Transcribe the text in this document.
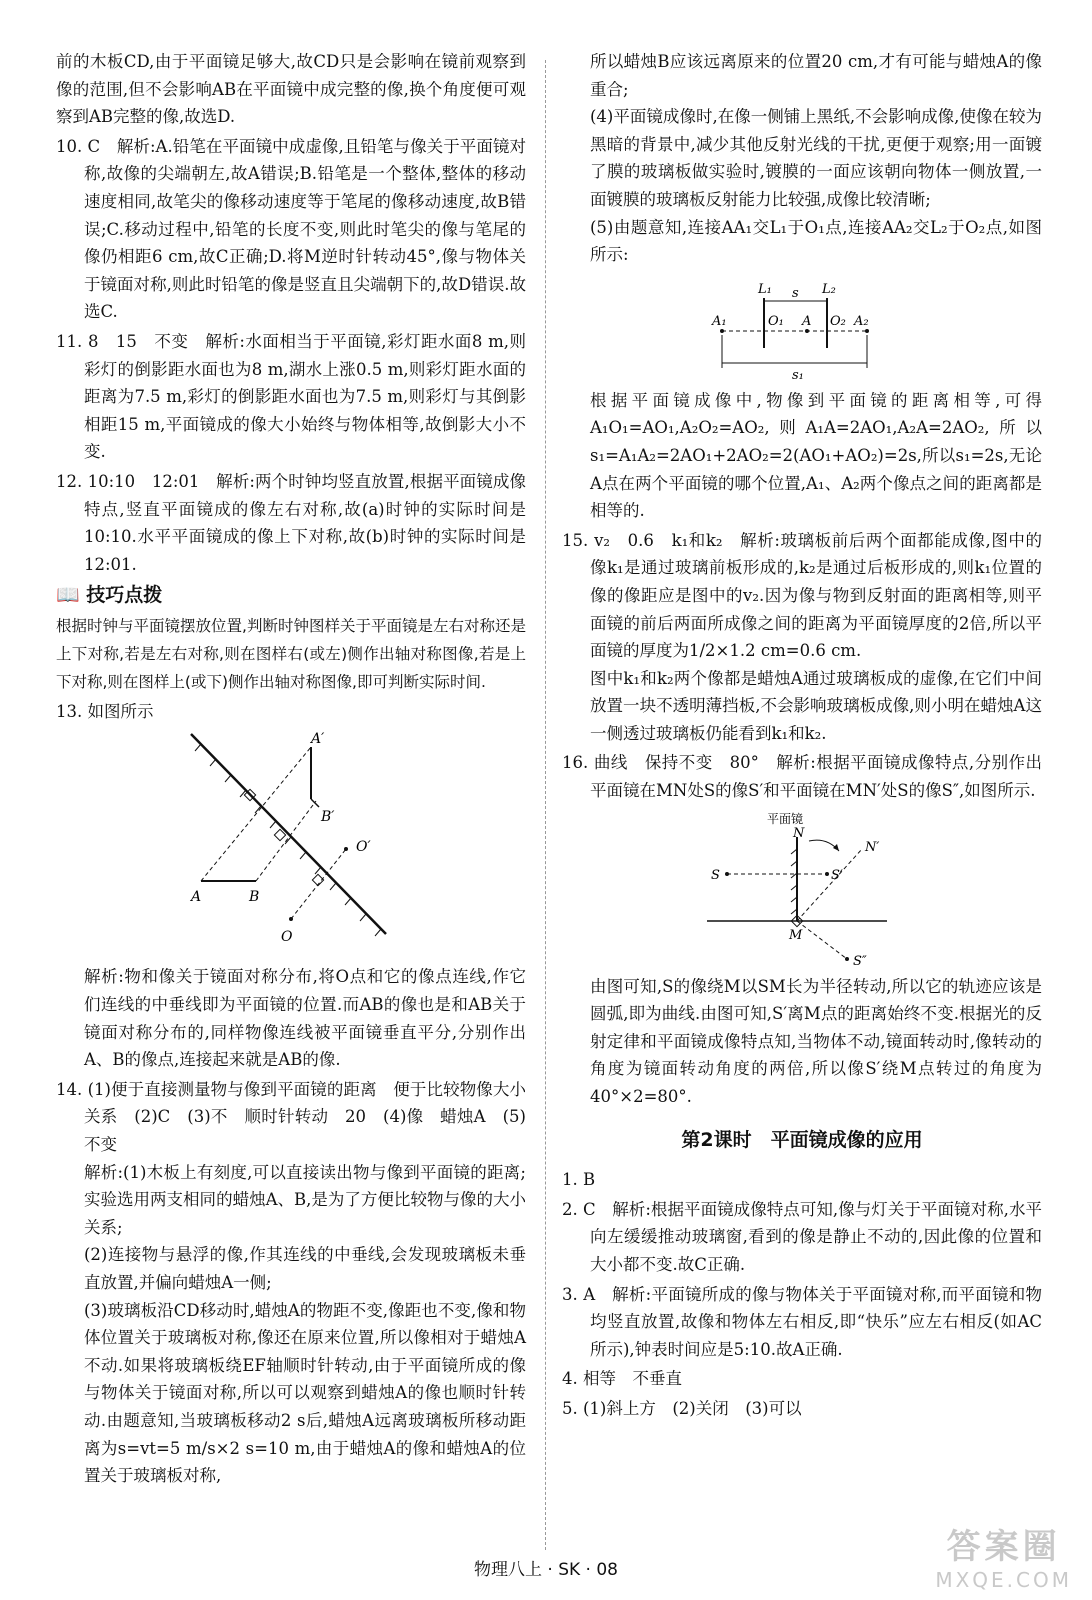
前的木板CD,由于平面镜足够大,故CD只是会影响在镜前观察到像的范围,但不会影响AB在平面镜中成完整的像,换个角度便可观察到AB完整的像,故选D.

10. C　解析:A.铅笔在平面镜中成虚像,且铅笔与像关于平面镜对称,故像的尖端朝左,故A错误;B.铅笔是一个整体,整体的移动速度相同,故笔尖的像移动速度等于笔尾的像移动速度,故B错误;C.移动过程中,铅笔的长度不变,则此时笔尖的像与笔尾的像仍相距6 cm,故C正确;D.将M逆时针转动45°,像与物体关于镜面对称,则此时铅笔的像是竖直且尖端朝下的,故D错误.故选C.

11. 8　15　不变　解析:水面相当于平面镜,彩灯距水面8 m,则彩灯的倒影距水面也为8 m,湖水上涨0.5 m,则彩灯距水面的距离为7.5 m,彩灯的倒影距水面也为7.5 m,则彩灯与其倒影相距15 m,平面镜成的像大小始终与物体相等,故倒影大小不变.

12. 10:10　12:01　解析:两个时钟均竖直放置,根据平面镜成像特点,竖直平面镜成的像左右对称,故(a)时钟的实际时间是10:10.水平平面镜成的像上下对称,故(b)时钟的实际时间是12:01.

📖 技巧点拨

根据时钟与平面镜摆放位置,判断时钟图样关于平面镜是左右对称还是上下对称,若是左右对称,则在图样右(或左)侧作出轴对称图像,若是上下对称,则在图样上(或下)侧作出轴对称图像,即可判断实际时间.

13. 如图所示

A	B
A′
B′
O
O′

解析:物和像关于镜面对称分布,将O点和它的像点连线,作它们连线的中垂线即为平面镜的位置.而AB的像也是和AB关于镜面对称分布的,同样物像连线被平面镜垂直平分,分别作出A、B的像点,连接起来就是AB的像.

14. (1)便于直接测量物与像到平面镜的距离　便于比较物像大小关系　(2)C　(3)不　顺时针转动　20　(4)像　蜡烛A　(5)不变

解析:(1)木板上有刻度,可以直接读出物与像到平面镜的距离;实验选用两支相同的蜡烛A、B,是为了方便比较物与像的大小关系;

(2)连接物与悬浮的像,作其连线的中垂线,会发现玻璃板未垂直放置,并偏向蜡烛A一侧;

(3)玻璃板沿CD移动时,蜡烛A的物距不变,像距也不变,像和物体位置关于玻璃板对称,像还在原来位置,所以像相对于蜡烛A不动.如果将玻璃板绕EF轴顺时针转动,由于平面镜所成的像与物体关于镜面对称,所以可以观察到蜡烛A的像也顺时针转动.由题意知,当玻璃板移动2 s后,蜡烛A远离玻璃板所移动距离为s=vt=5 m/s×2 s=10 m,由于蜡烛A的像和蜡烛A的位置关于玻璃板对称,

所以蜡烛B应该远离原来的位置20 cm,才有可能与蜡烛A的像重合;

(4)平面镜成像时,在像一侧铺上黑纸,不会影响成像,使像在较为黑暗的背景中,减少其他反射光线的干扰,更便于观察;用一面镀了膜的玻璃板做实验时,镀膜的一面应该朝向物体一侧放置,一面镀膜的玻璃板反射能力比较强,成像比较清晰;

(5)由题意知,连接AA₁交L₁于O₁点,连接AA₂交L₂于O₂点,如图所示:

L₁	L₂
s
A₁	O₁ A O₂ A₂
s₁

根据平面镜成像中,物像到平面镜的距离相等,可得A₁O₁=AO₁,A₂O₂=AO₂,则A₁A=2AO₁,A₂A=2AO₂,所以s₁=A₁A₂=2AO₁+2AO₂=2(AO₁+AO₂)=2s,所以s₁=2s,无论A点在两个平面镜的哪个位置,A₁、A₂两个像点之间的距离都是相等的.

15. v₂　0.6　k₁和k₂　解析:玻璃板前后两个面都能成像,图中的像k₁是通过玻璃前板形成的,k₂是通过后板形成的,则k₁位置的像的像距应是图中的v₂.因为像与物到反射面的距离相等,则平面镜的前后两面所成像之间的距离为平面镜厚度的2倍,所以平面镜的厚度为1/2×1.2 cm=0.6 cm.

图中k₁和k₂两个像都是蜡烛A通过玻璃板成的虚像,在它们中间放置一块不透明薄挡板,不会影响玻璃板成像,则小明在蜡烛A这一侧透过玻璃板仍能看到k₁和k₂.

16. 曲线　保持不变　80°　解析:根据平面镜成像特点,分别作出平面镜在MN处S的像S′和平面镜在MN′处S的像S″,如图所示.

平面镜
N
N′
S	S′
M
S″

由图可知,S的像绕M以SM长为半径转动,所以它的轨迹应该是圆弧,即为曲线.由图可知,S′离M点的距离始终不变.根据光的反射定律和平面镜成像特点知,当物体不动,镜面转动时,像转动的角度为镜面转动角度的两倍,所以像S′绕M点转过的角度为40°×2=80°.

第2课时　平面镜成像的应用

1. B

2. C　解析:根据平面镜成像特点可知,像与灯关于平面镜对称,水平向左缓缓推动玻璃窗,看到的像是静止不动的,因此像的位置和大小都不变.故C正确.

3. A　解析:平面镜所成的像与物体关于平面镜对称,而平面镜和物均竖直放置,故像和物体左右相反,即“快乐”应左右相反(如AC所示),钟表时间应是5:10.故A正确.

4. 相等　不垂直

5. (1)斜上方　(2)关闭　(3)可以

物理八上 · SK · 08
答案圈
MXQE.COM
